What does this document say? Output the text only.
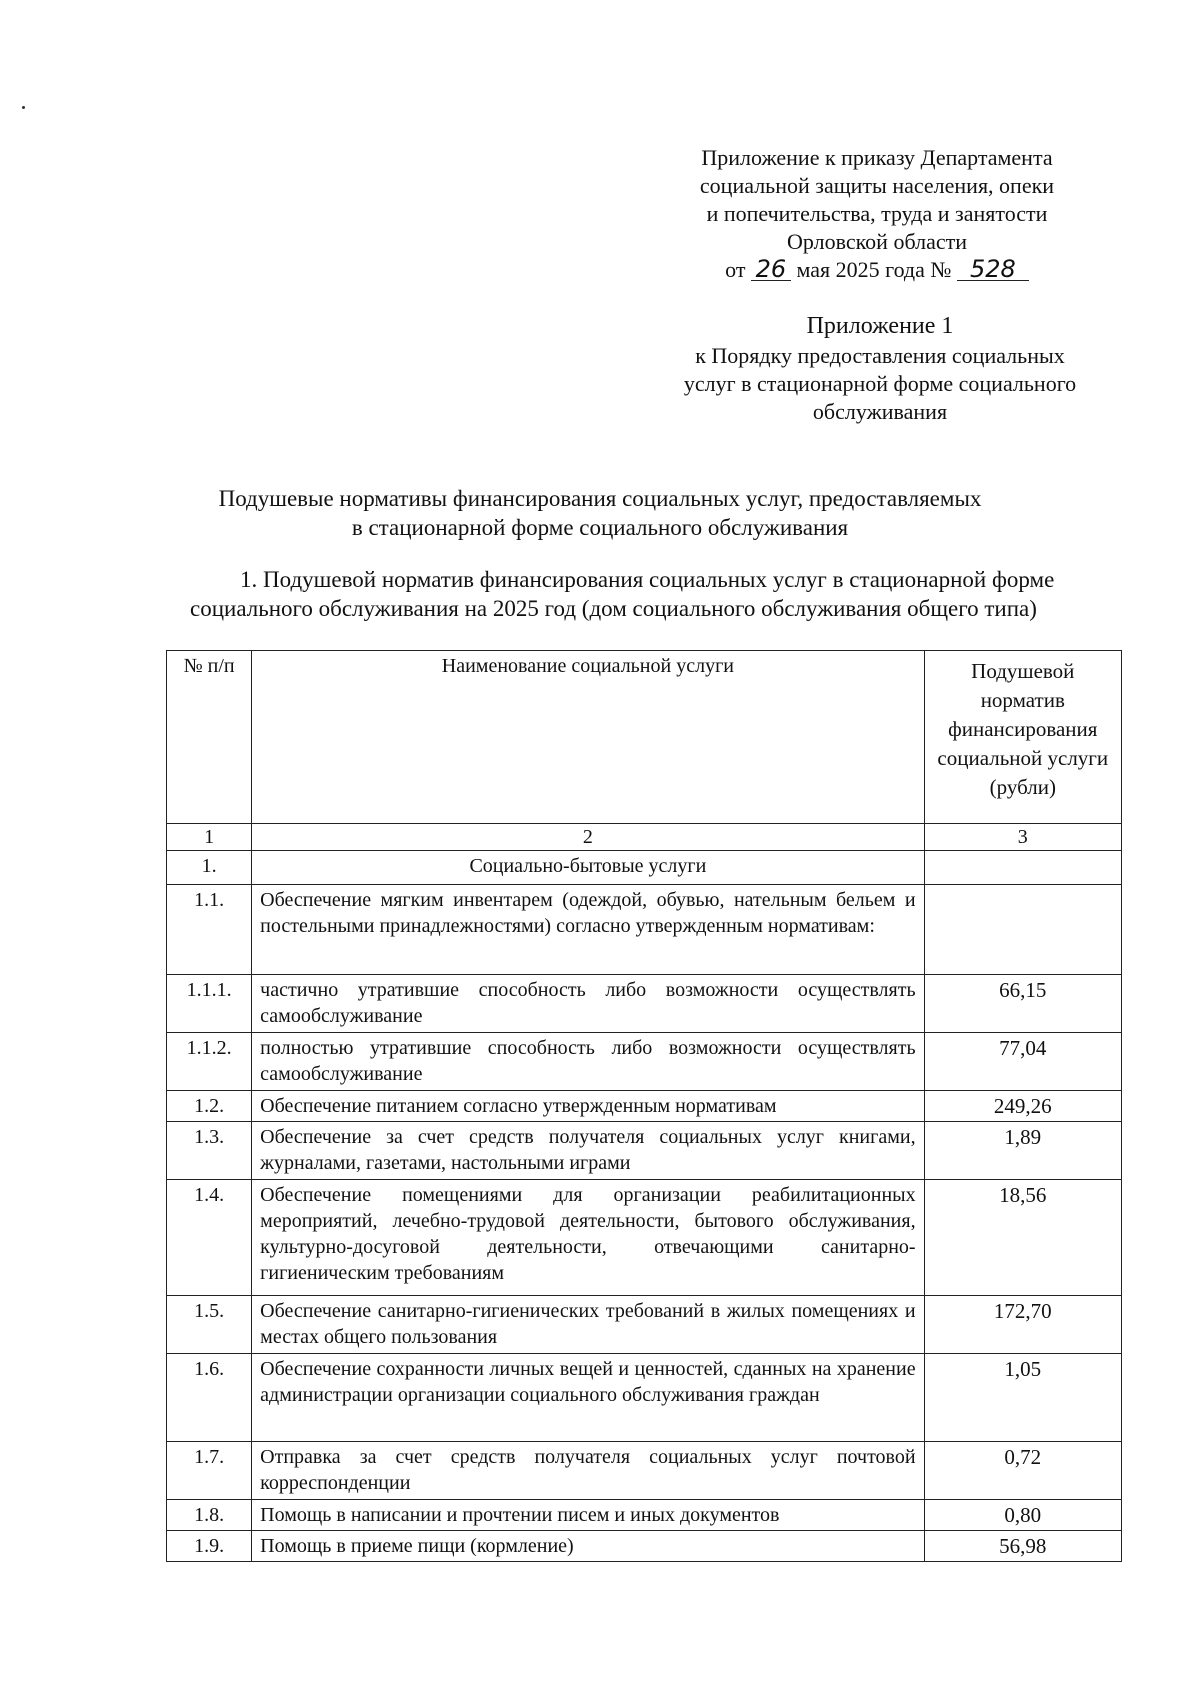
Приложение к приказу Департамента
социальной защиты населения, опеки
и попечительства, труда и занятости
Орловской области
от 26 мая 2025 года № 528
Приложение 1
к Порядку предоставления социальных
услуг в стационарной форме социального
обслуживания
Подушевые нормативы финансирования социальных услуг, предоставляемых
в стационарной форме социального обслуживания
1. Подушевой норматив финансирования социальных услуг в стационарной форме
социального обслуживания на 2025 год (дом социального обслуживания общего типа)
№ п/п	Наименование социальной услуги	Подушевой норматив финансирования социальной услуги (рубли)
1	2	3
1.	Социально-бытовые услуги	
1.1.	Обеспечение мягким инвентарем (одеждой, обувью, нательным бельем и постельными принадлежностями) согласно утвержденным нормативам:	
1.1.1.	частично утратившие способность либо возможности осуществлять самообслуживание	66,15
1.1.2.	полностью утратившие способность либо возможности осуществлять самообслуживание	77,04
1.2.	Обеспечение питанием согласно утвержденным нормативам	249,26
1.3.	Обеспечение за счет средств получателя социальных услуг книгами, журналами, газетами, настольными играми	1,89
1.4.	Обеспечение помещениями для организации реабилитационных мероприятий, лечебно-трудовой деятельности, бытового обслуживания, культурно-досуговой деятельности, отвечающими санитарно-гигиеническим требованиям	18,56
1.5.	Обеспечение санитарно-гигиенических требований в жилых помещениях и местах общего пользования	172,70
1.6.	Обеспечение сохранности личных вещей и ценностей, сданных на хранение администрации организации социального обслуживания граждан	1,05
1.7.	Отправка за счет средств получателя социальных услуг почтовой корреспонденции	0,72
1.8.	Помощь в написании и прочтении писем и иных документов	0,80
1.9.	Помощь в приеме пищи (кормление)	56,98
